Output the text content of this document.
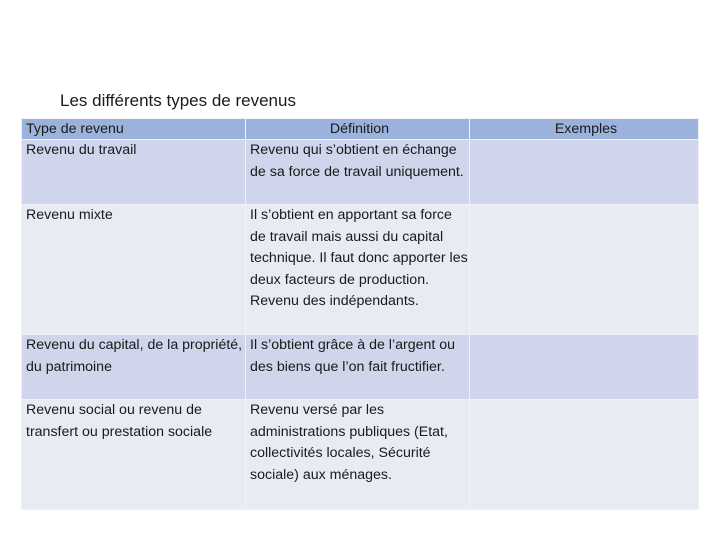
Les différents types de revenus
Type de revenu	Définition	Exemples

Revenu du travail	Revenu qui s’obtient en échange de sa force de travail uniquement.	

Revenu mixte	Il s’obtient en apportant sa force de travail mais aussi du capital technique. Il faut donc apporter les deux facteurs de production. Revenu des indépendants.	

Revenu du capital, de la propriété, du patrimoine	Il s’obtient grâce à de l’argent ou des biens que l’on fait fructifier.	

Revenu social ou revenu de transfert ou prestation sociale	Revenu versé par les administrations publiques (Etat, collectivités locales, Sécurité sociale) aux ménages.	
